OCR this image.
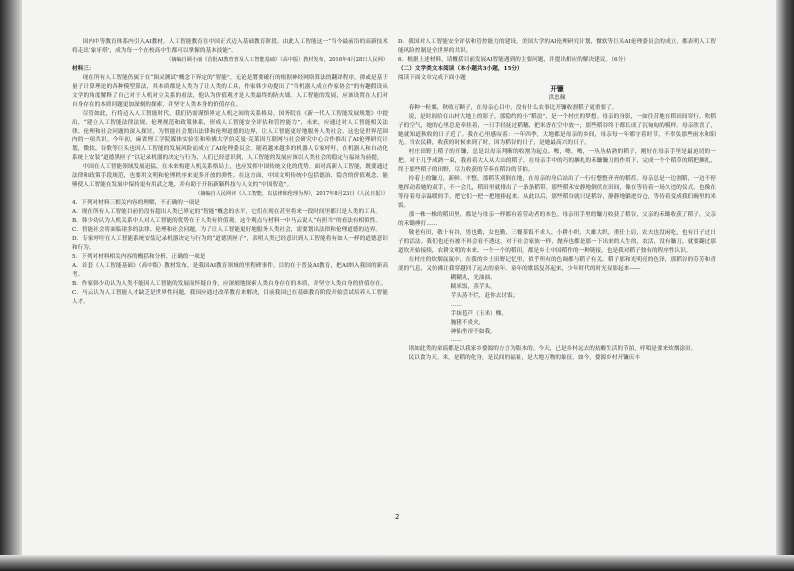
国内中等教育体系内引入AI教材，人工智能教育在中国正式迈入基础教育阶段。由此人工智能这一“当今最前沿的高新技术将走出‘象牙塔’，成为每一个在校高中生都可以掌握的基本技能”。

（摘编自顾小丽《首批AI教育普及人工智能基础》（高中版）教材发布，2018年4月28日人民网）

材料三：

现在所有人工智能仍属于在“图灵测试”概念下界定的“智能”，无论是將要確行的根据神经网络算法的翻译程序，抑或是基于量子计算理论的各种模型算法，其本质都是人类为了让人类的工具，作家韩少功提出了“当机器人成立作家协会”的有趣假设从文学的角度解释了自己对于人机对立关系的看法，他认为价值观才是人类最终的防火墙。人工智能的发展，应该设置在人们对自身存在的本质问题更加深刻的探索，并坚守人类本身的价值存在。

尽管如此，行将迈入人工智能时代，我们仍需谨慎界定人机之间的关系格局。国务院在《新一代人工智能发展规划》中提出，“建立人工智能法律法规、伦理规范和政策体系，形成人工智能安全评估和管控能力”，未来，应通过对人工智能相关法律、伦理和社会问题的深入探讨，为智能社会划出法律和伦理道德的边界，让人工智能更好地服务人类社会。这也是世界范围内的一项共识。今年初，麻省理工学院媒体实验室和哈佛大学伯克曼·克莱因互联网与社会研究中心合作推出了AI伦理研究计划，微软、谷歌等巨头也因人工智能的发展风险而成立了AI伦理委员会。随着越来越多的机器人专家呼吁，在机器人和自动化系统上安装“道德黑匣子”以记录机器的决定与行为，人们已经意识到，人工智能的发展应该以人类社会的稳定与福祉为前提。

中国在人工智能领域发展迅猛，在未来构建人机关系格局上，也应发挥中国传统文化的优势。面对高新人工智能，既要通过法律和政策手段规范，也要用文明和伦理秩序来更多开放的弹性。在这方面，中国文明传统中包括德治、隐含的价值观念，能够使人工智能在发展中保持更有用武之地，并有助于开拓新颖科技与人文的“中国智造”。

（摘编自人民网评《人工智能，以法律和伦理为界》，2017年8月23日《人民日报》）

4．下列对材料三相关内容的理解，不正确的一项是

A．现在所有人工智能目前仍没有超出人类已界定的“智能”概念的水平，它们在现在甚至将来一段时间里都只是人类的工具。

B．韩少功认为人机关系中人对人工智能的优势在于人类有价值观，这个观点与材料一中马云说人“有担当”的看法有相似性。

C．智能社会将面临诸多的法律、伦理和社会问题，为了让人工智能更好地服务人类社会，需要划出法律和伦理道德的边界。

D．专家呼吁在人工智能系统安装记录机器决定与行为的“道德黑匣子”，表明人类已经意识到人工智能将有如人一样的道德意识和行为。

5．下列对材料相关内容的概括和分析，正确的一项是

A．首套《人工智能基础》（高中版）教材发布，是我国AI教育领域的里程碑事件，目的在于普及AI教育，把AI纳入我国的新高考。

B．作家韩少功认为人类不能因人工智能的发展而怀疑自身，应深刻地探索人类自身存在的本质，并坚守人类自身的价值存在。

C．马云认为人工智能人才缺乏是世界性问题，我国应通过改革教育来解决，目前我国已在基础教育阶段开始尝试培养人工智能人才。

D．我国对人工智能安全评估和管控能力的建设，美国大学的AI伦理研究计划，微软等巨头AI伦理委员会的成立，都表明人工智能风险控制是全世界的共识。

6．根据上述材料，请概括目前发展AI智能遇到的主要问题，并提出相应的解决建议。（6分）

（二）文学类文本阅读（本小题共3小题，15分）

阅读下面文章完成下面小题

开镰
洪忠佩

春种一粒粟，秋收万颗子，在母亲心目中，没有什么农事比开镰收割稻子更重要了。

说，是时间给在山村大地上的影子，那隐约的小“稻浪”，是一个村庄的梦想。母亲的身影，一如往昔地在稻田间穿行。吹稻子的空气，她的心里总是牵挂着，一只手轻抚过稻穗，把米香在空中放一，那些稻谷终于都长成了沉甸甸的模样。母亲欣喜了，她就知道秋收的日子近了。我在心里感叹着：一年四季，大地都是母亲的乡间，母亲每一年都守着时节，不辜负那些雨水和阳光。当农民耕，收获的时候来到了时，因为稻谷的日子，是她最高兴的日子。

村庄田野上稻子的开镰，总是以母亲判断的收割为起点。嚓，嚓，嚓，一丛丛枯熟的稻子，刚好在母亲手里是最迫切的一把。对于几乎成熟一束，我看着大人从大山的稻子，在母亲手中的巧的捆扎的禾镰镰刀的作用下，完成一个个稻草的稻把捆扎，终于那些稻子的田野，尽力收获的节奏在稻谷的节拍。

拎着上的镰刀，新鲜、平整，那稻茎刈倒在地，在母亲的身后站出了一行行整整齐齐的稻茬。母亲总是一边割稻，一边不停地挥动着她的双手，不一会儿，稻田里就排出了一条条稻带。那些稻禾安静地倒伏在田间，像在等待着一场久违的仪式，也像在等待着母亲温暖的手，把它们一把一把地捧起来。从此以后，那些稻谷就只是稻谷，静静地躺进谷仓，等待着变成我们碗里的米饭。

那一株一株的稻田里，都是与母亲一样都有着劳动者的本色。母亲用手里的镰刀收获了稻谷，父亲的禾锄收获了稻子，父亲的禾锄捶打……

敬老有田，敬十有谷，男也勤，女也勤，三餐茶饭不求人，小耕小织，大雄大织，重任上肩，农夫也没闲吃，也有日子过日子的活法。我们也还有被不再会看不透这，对于社会家族一样，抛弃也都是那一下出来的人生的，农活，没有镰刀，就要翻过那道坎开始接续，农耕文明的本来，一个一个的稻田，都是乡土中国稻作的一种链接，也是我对稻子独有的程序性认识。

在村庄的炊烟氤氲中，在我的乡土田野记忆里，似乎所有的色调都与稻子有关。稻子那和光明亮的色泽，那稻谷的芬芳和青涩的气息，又仿佛让我穿越回了远去的童年。童年的歌谣复苏起来，少年时代的时光显影起来——

糊糊丸，光油油，

糯米饭，蒸芋头，

芋头蒸不烂，赶你去讨饭；

……

手抹苞芦（玉米）粿，

腌猪不炎火，

神仙坐帘不如我。

……

诸如此类的童谣都是以我家乡婺源的方言为版本的。今天，已是乡村远去的拈酸生活的节拍，呼唱是要来炊烟涂田。

民以食为天。米，是稻的化身，是民间的福祉，是大地万物的象征。如今，婺源乡村开镰庆丰

2
